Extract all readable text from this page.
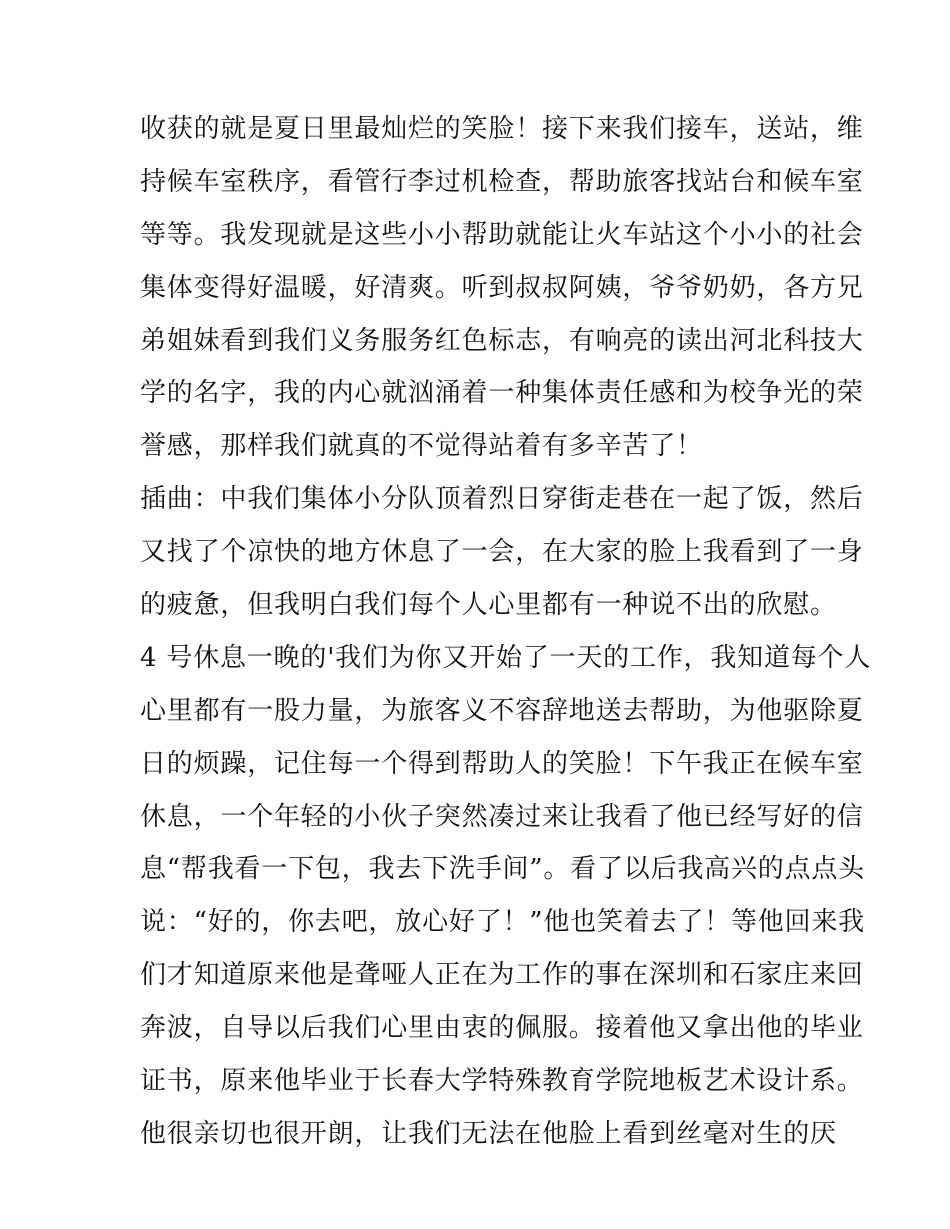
收获的就是夏日里最灿烂的笑脸！接下来我们接车，送站，维
持候车室秩序，看管行李过机检查，帮助旅客找站台和候车室
等等。我发现就是这些小小帮助就能让火车站这个小小的社会
集体变得好温暖，好清爽。听到叔叔阿姨，爷爷奶奶，各方兄
弟姐妹看到我们义务服务红色标志，有响亮的读出河北科技大
学的名字，我的内心就汹涌着一种集体责任感和为校争光的荣
誉感，那样我们就真的不觉得站着有多辛苦了！
插曲：中我们集体小分队顶着烈日穿街走巷在一起了饭，然后
又找了个凉快的地方休息了一会，在大家的脸上我看到了一身
的疲惫，但我明白我们每个人心里都有一种说不出的欣慰。
4 号休息一晚的'我们为你又开始了一天的工作，我知道每个人
心里都有一股力量，为旅客义不容辞地送去帮助，为他驱除夏
日的烦躁，记住每一个得到帮助人的笑脸！下午我正在候车室
休息，一个年轻的小伙子突然凑过来让我看了他已经写好的信
息“帮我看一下包，我去下洗手间”。看了以后我高兴的点点头
说：“好的，你去吧，放心好了！”他也笑着去了！等他回来我
们才知道原来他是聋哑人正在为工作的事在深圳和石家庄来回
奔波，自导以后我们心里由衷的佩服。接着他又拿出他的毕业
证书，原来他毕业于长春大学特殊教育学院地板艺术设计系。
他很亲切也很开朗，让我们无法在他脸上看到丝毫对生的厌
